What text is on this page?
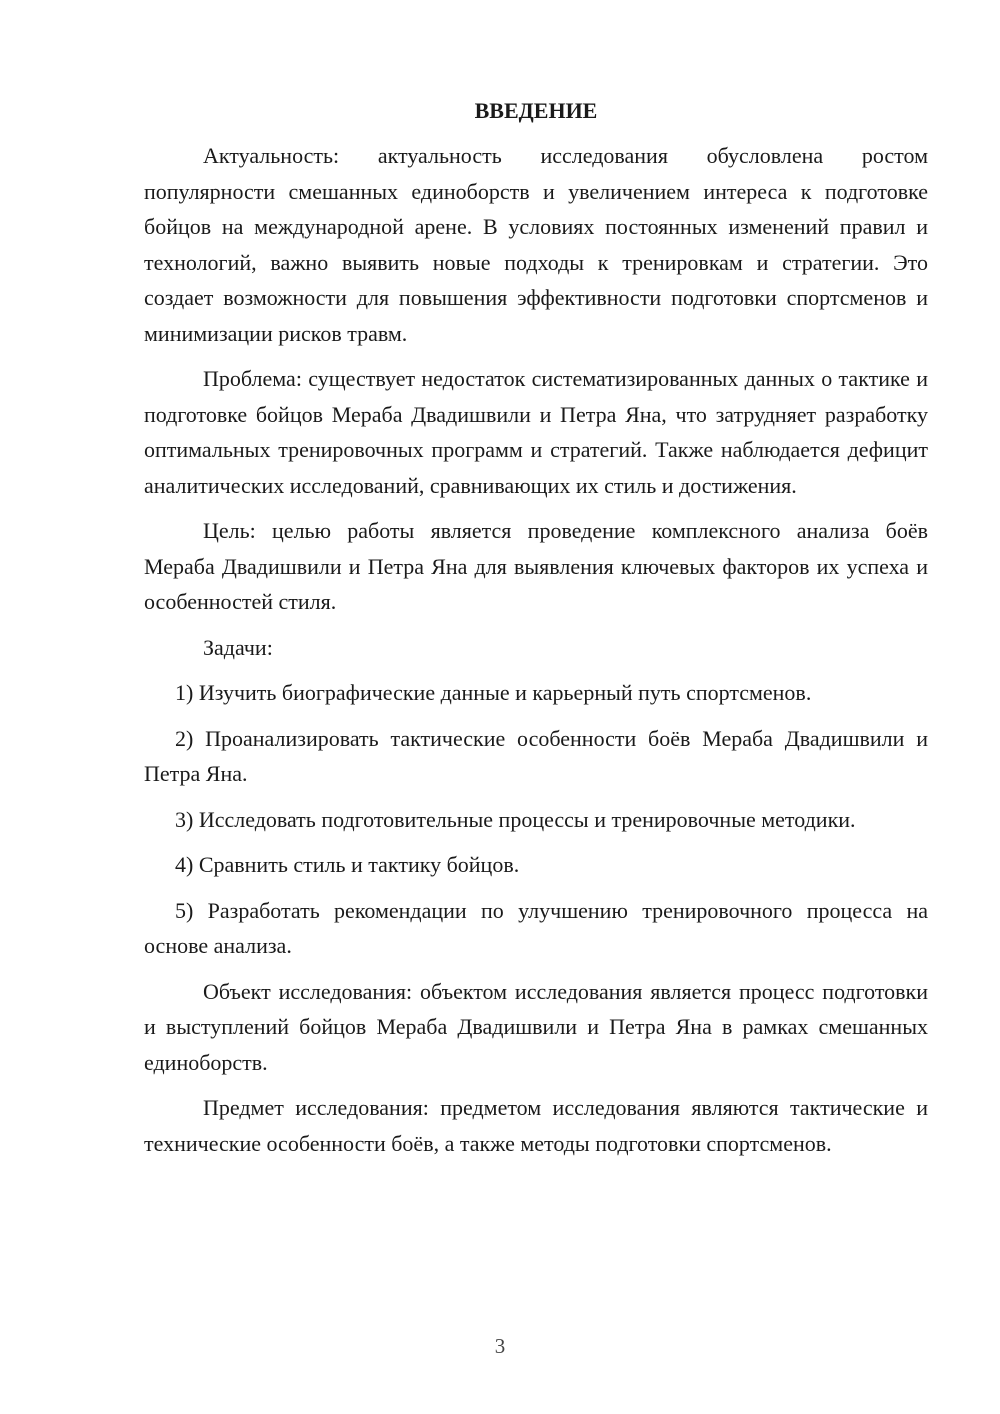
ВВЕДЕНИЕ

Актуальность: актуальность исследования обусловлена ростом популярности смешанных единоборств и увеличением интереса к подготовке бойцов на международной арене. В условиях постоянных изменений правил и технологий, важно выявить новые подходы к тренировкам и стратегии. Это создает возможности для повышения эффективности подготовки спортсменов и минимизации рисков травм.

Проблема: существует недостаток систематизированных данных о тактике и подготовке бойцов Мераба Двадишвили и Петра Яна, что затрудняет разработку оптимальных тренировочных программ и стратегий. Также наблюдается дефицит аналитических исследований, сравнивающих их стиль и достижения.

Цель: целью работы является проведение комплексного анализа боёв Мераба Двадишвили и Петра Яна для выявления ключевых факторов их успеха и особенностей стиля.

Задачи:

1) Изучить биографические данные и карьерный путь спортсменов.

2) Проанализировать тактические особенности боёв Мераба Двадишвили и Петра Яна.

3) Исследовать подготовительные процессы и тренировочные методики.

4) Сравнить стиль и тактику бойцов.

5) Разработать рекомендации по улучшению тренировочного процесса на основе анализа.

Объект исследования: объектом исследования является процесс подготовки и выступлений бойцов Мераба Двадишвили и Петра Яна в рамках смешанных единоборств.

Предмет исследования: предметом исследования являются тактические и технические особенности боёв, а также методы подготовки спортсменов.

3
